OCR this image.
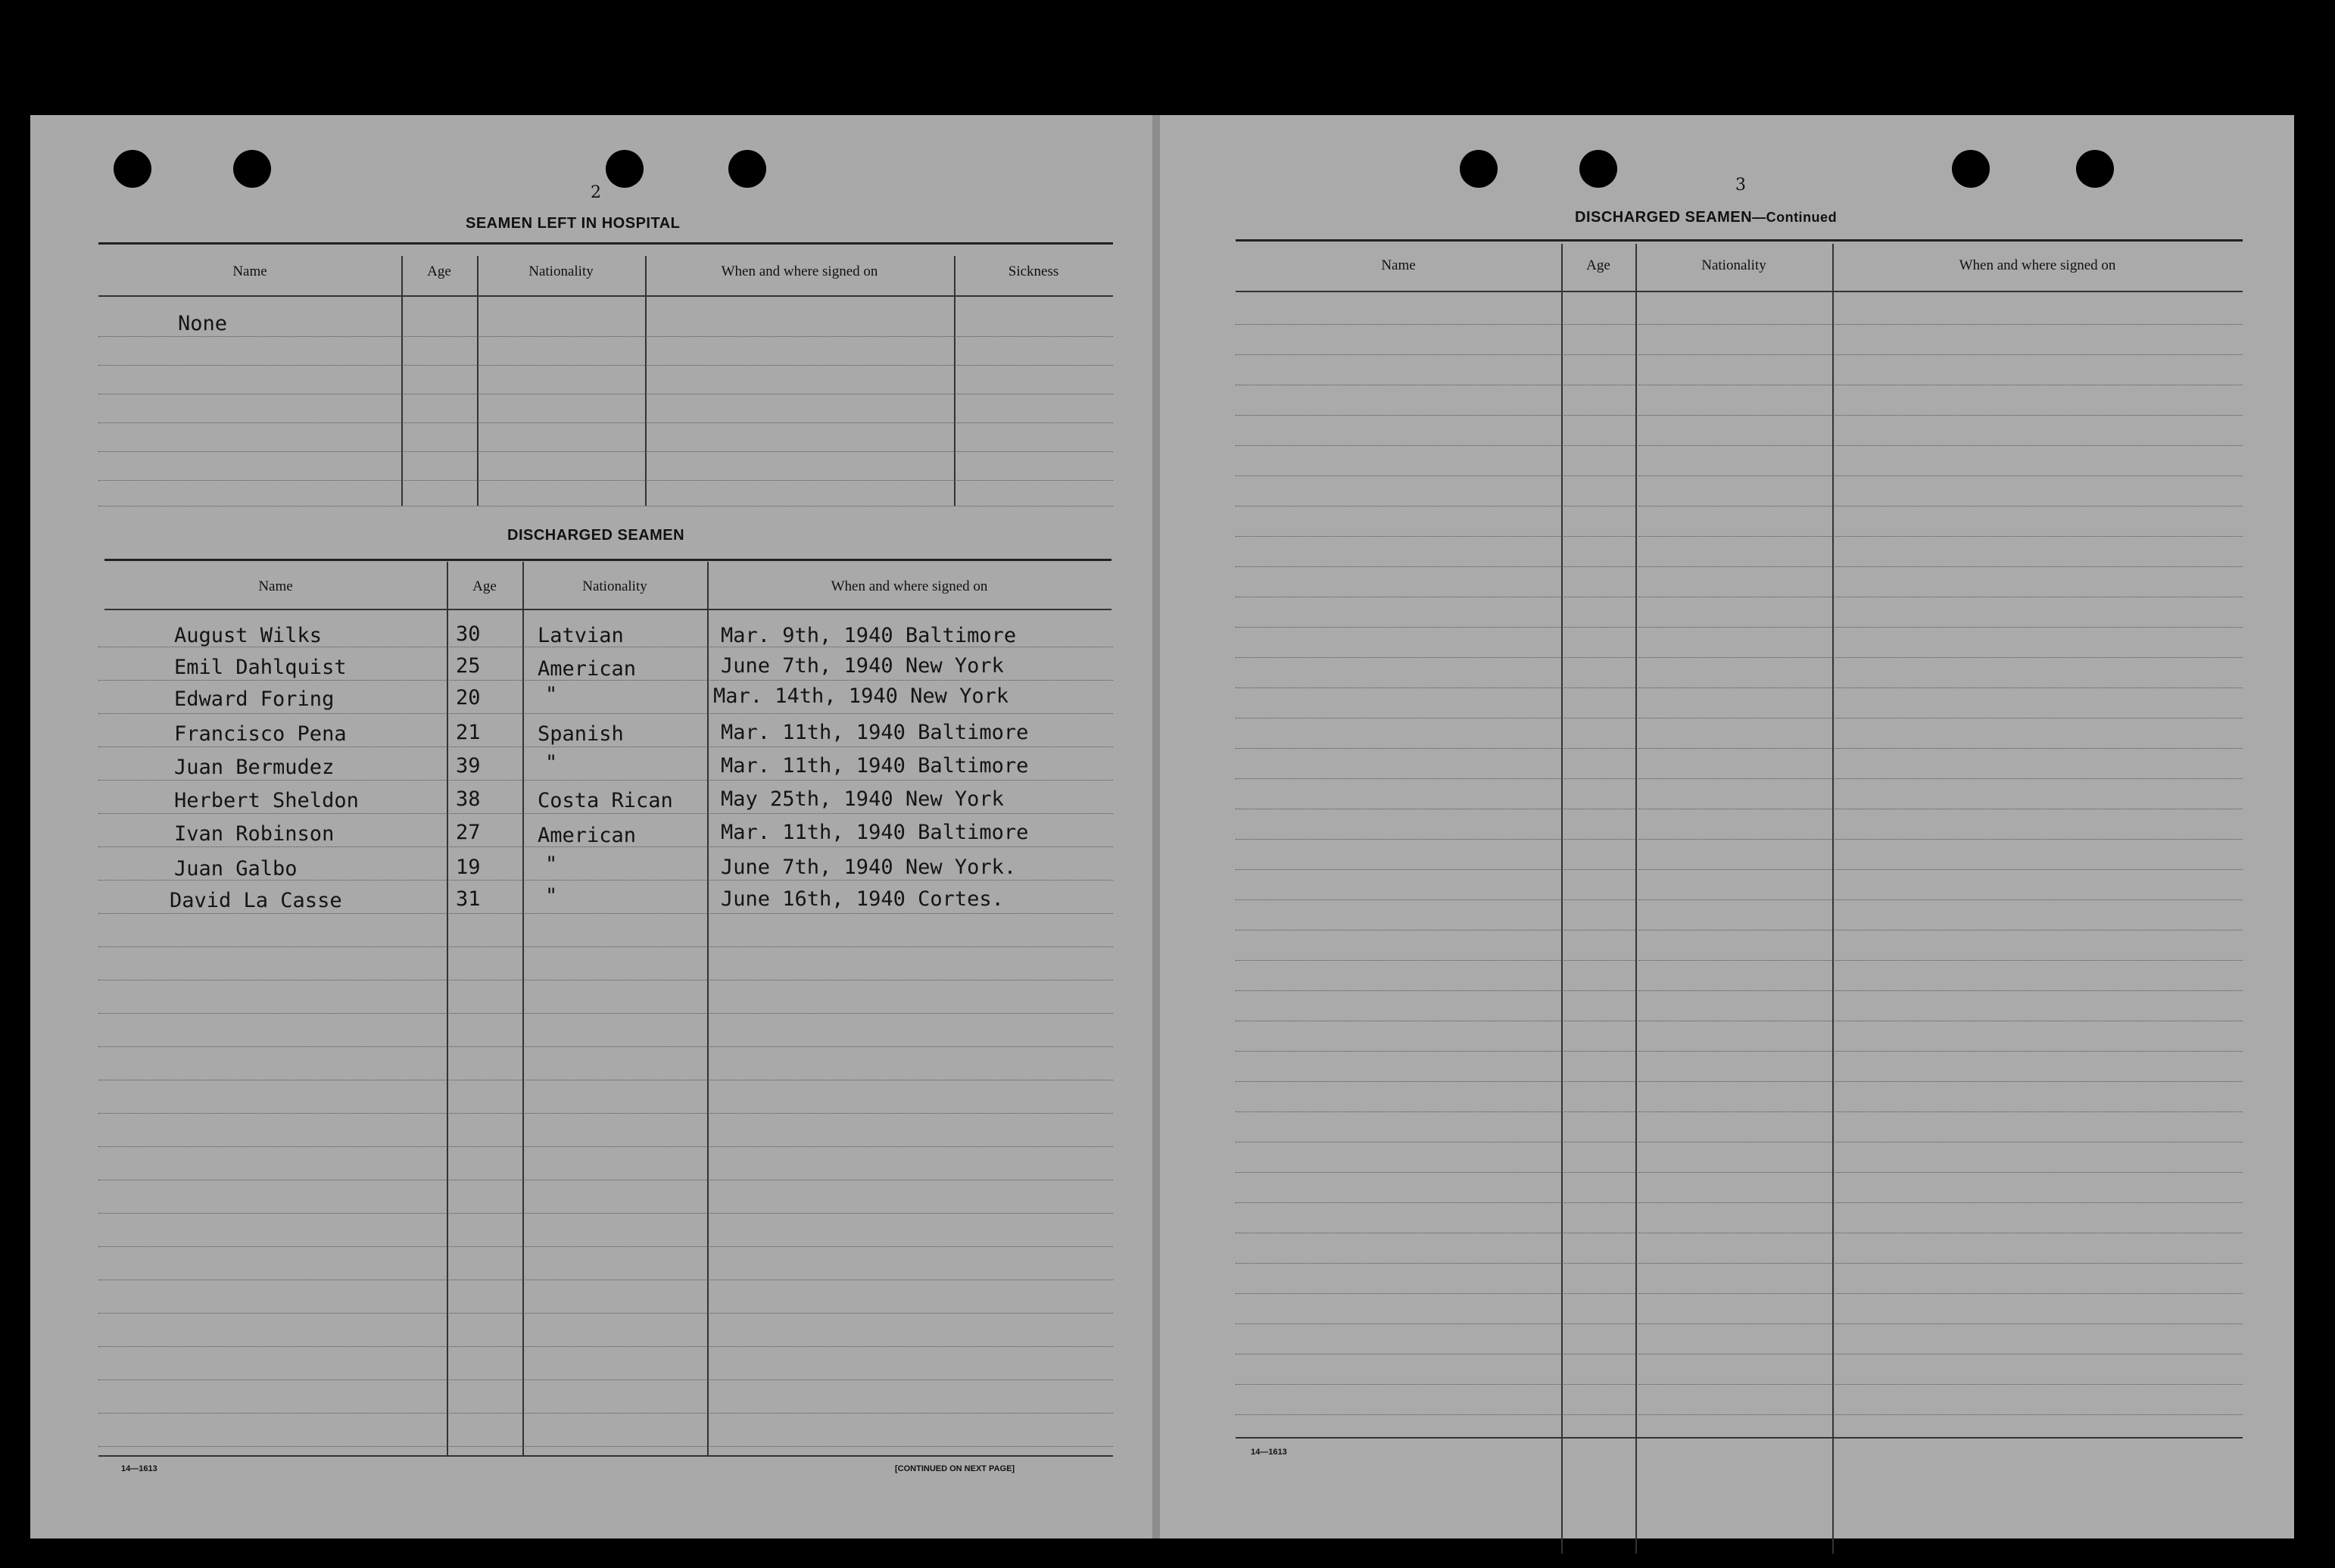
2
SEAMEN LEFT IN HOSPITAL
Name	Age	Nationality	When and where signed on	Sickness
None
DISCHARGED SEAMEN
Name	Age	Nationality	When and where signed on
August Wilks	30	Latvian	Mar. 9th, 1940 Baltimore
Emil Dahlquist	25	American	June 7th, 1940 New York
Edward Foring	20	"	Mar. 14th, 1940 New York
Francisco Pena	21	Spanish	Mar. 11th, 1940 Baltimore
Juan Bermudez	39	"	Mar. 11th, 1940 Baltimore
Herbert Sheldon	38	Costa Rican May 25th, 1940 New York
Ivan Robinson	27	American	Mar. 11th, 1940 Baltimore
Juan Galbo	19	"	June 7th, 1940 New York.
David La Casse	31	"	June 16th, 1940 Cortes.
14—1613	[CONTINUED ON NEXT PAGE]
3
DISCHARGED SEAMEN—Continued
Name	Age	Nationality	When and where signed on
14—1613
